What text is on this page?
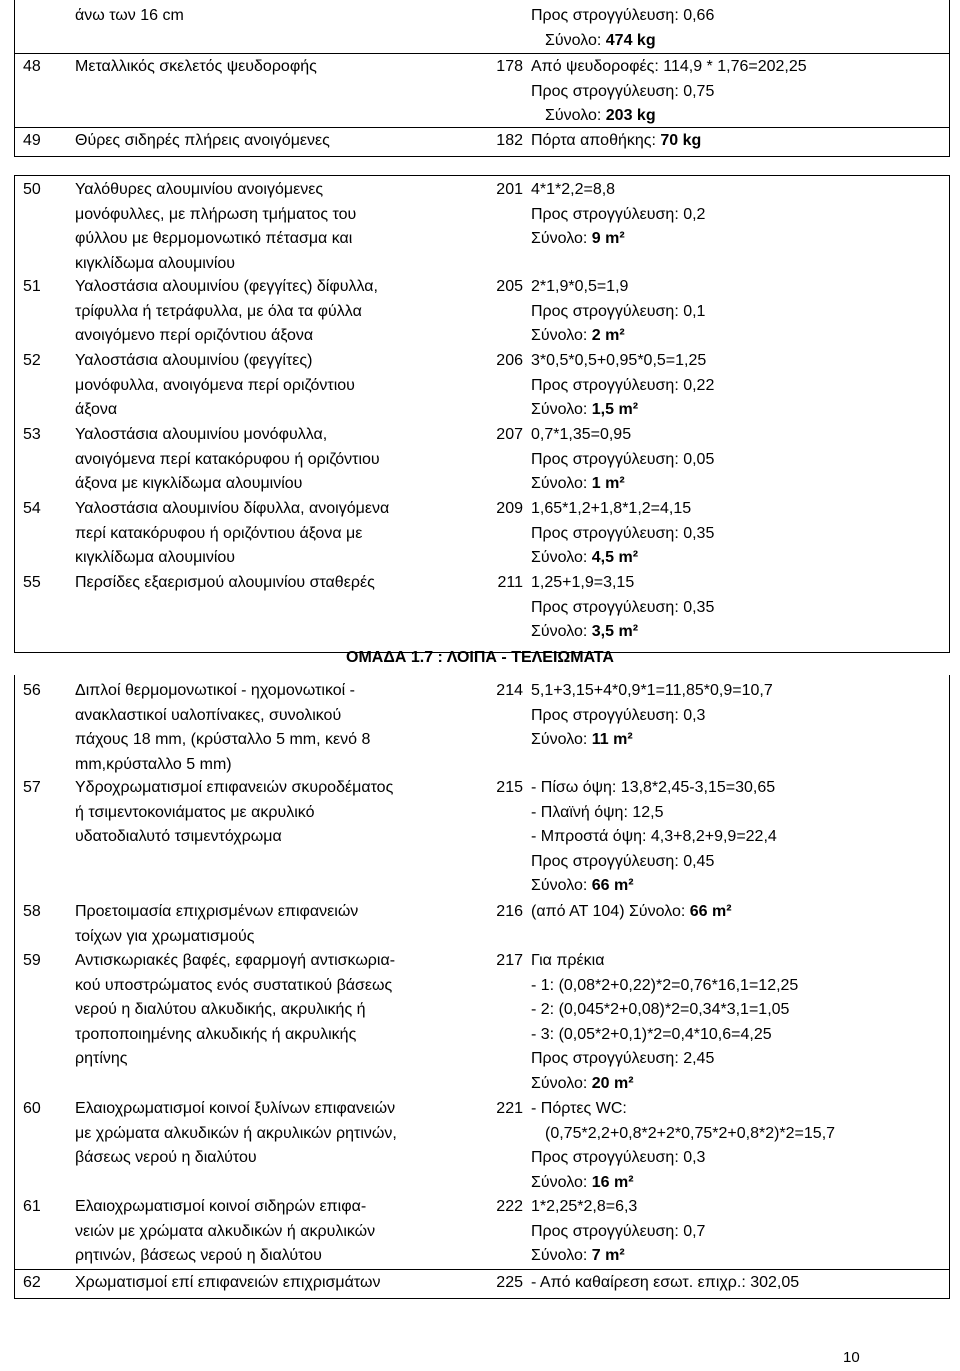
άνω των 16 cm	Προς στρογγύλευση: 0,66
Σύνολο: 474 kg
48	Μεταλλικός σκελετός ψευδοροφής	178 Από ψευδοροφές: 114,9 * 1,76=202,25
Προς στρογγύλευση: 0,75
Σύνολο: 203 kg
49	Θύρες σιδηρές πλήρεις ανοιγόμενες	182 Πόρτα αποθήκης: 70 kg
50	Υαλόθυρες αλουμινίου ανοιγόμενες
μονόφυλλες, με πλήρωση τμήματος του
φύλλου με θερμομονωτικό πέτασμα και
κιγκλίδωμα αλουμινίου
201 4*1*2,2=8,8
Προς στρογγύλευση: 0,2
Σύνολο: 9 m²
51	Υαλοστάσια αλουμινίου (φεγγίτες) δίφυλλα,
τρίφυλλα ή τετράφυλλα, με όλα τα φύλλα
ανοιγόμενο περί οριζόντιου άξονα
205 2*1,9*0,5=1,9
Προς στρογγύλευση: 0,1
Σύνολο: 2 m²
52	Υαλοστάσια αλουμινίου (φεγγίτες)
μονόφυλλα, ανοιγόμενα περί οριζόντιου
άξονα
206 3*0,5*0,5+0,95*0,5=1,25
Προς στρογγύλευση: 0,22
Σύνολο: 1,5 m²
53	Υαλοστάσια αλουμινίου μονόφυλλα,
ανοιγόμενα περί κατακόρυφου ή οριζόντιου
άξονα με κιγκλίδωμα αλουμινίου
207 0,7*1,35=0,95
Προς στρογγύλευση: 0,05
Σύνολο: 1 m²
54	Υαλοστάσια αλουμινίου δίφυλλα, ανοιγόμενα
περί κατακόρυφου ή οριζόντιου άξονα με
κιγκλίδωμα αλουμινίου
209 1,65*1,2+1,8*1,2=4,15
Προς στρογγύλευση: 0,35
Σύνολο: 4,5 m²
55	Περσίδες εξαερισμού αλουμινίου σταθερές	211 1,25+1,9=3,15
Προς στρογγύλευση: 0,35
Σύνολο: 3,5 m²
ΟΜΑΔΑ 1.7 : ΛΟΙΠΑ - ΤΕΛΕΙΩΜΑΤΑ
56	Διπλοί θερμομονωτικοί - ηχομονωτικοί -
ανακλαστικοί υαλοπίνακες, συνολικού
πάχους 18 mm, (κρύσταλλο 5 mm, κενό 8
mm,κρύσταλλο 5 mm)
214 5,1+3,15+4*0,9*1=11,85*0,9=10,7
Προς στρογγύλευση: 0,3
Σύνολο: 11 m²
57	Υδροχρωματισμοί επιφανειών σκυροδέματος
ή τσιμεντοκονιάματος με ακρυλικό
υδατοδιαλυτό τσιμεντόχρωμα
215 - Πίσω όψη: 13,8*2,45-3,15=30,65
- Πλαϊνή όψη: 12,5
- Μπροστά όψη: 4,3+8,2+9,9=22,4
Προς στρογγύλευση: 0,45
Σύνολο: 66 m²
58	Προετοιμασία επιχρισμένων επιφανειών
τοίχων για χρωματισμούς
216 (από ΑΤ 104) Σύνολο: 66 m²
59	Αντισκωριακές βαφές, εφαρμογή αντισκωρια-
κού υποστρώματος ενός συστατικού βάσεως
νερού η διαλύτου αλκυδικής, ακρυλικής ή
τροποποιημένης αλκυδικής ή ακρυλικής
ρητίνης
217 Για πρέκια
- 1: (0,08*2+0,22)*2=0,76*16,1=12,25
- 2: (0,045*2+0,08)*2=0,34*3,1=1,05
- 3: (0,05*2+0,1)*2=0,4*10,6=4,25
Προς στρογγύλευση: 2,45
Σύνολο: 20 m²
60	Ελαιοχρωματισμοί κοινοί ξυλίνων επιφανειών
με χρώματα αλκυδικών ή ακρυλικών ρητινών,
βάσεως νερού η διαλύτου
221 - Πόρτες WC:
(0,75*2,2+0,8*2+2*0,75*2+0,8*2)*2=15,7
Προς στρογγύλευση: 0,3
Σύνολο: 16 m²
61	Ελαιοχρωματισμοί κοινοί σιδηρών επιφα-
νειών με χρώματα αλκυδικών ή ακρυλικών
ρητινών, βάσεως νερού η διαλύτου
222 1*2,25*2,8=6,3
Προς στρογγύλευση: 0,7
Σύνολο: 7 m²
62	Χρωματισμοί επί επιφανειών επιχρισμάτων	225 - Από καθαίρεση εσωτ. επιχρ.: 302,05
10
